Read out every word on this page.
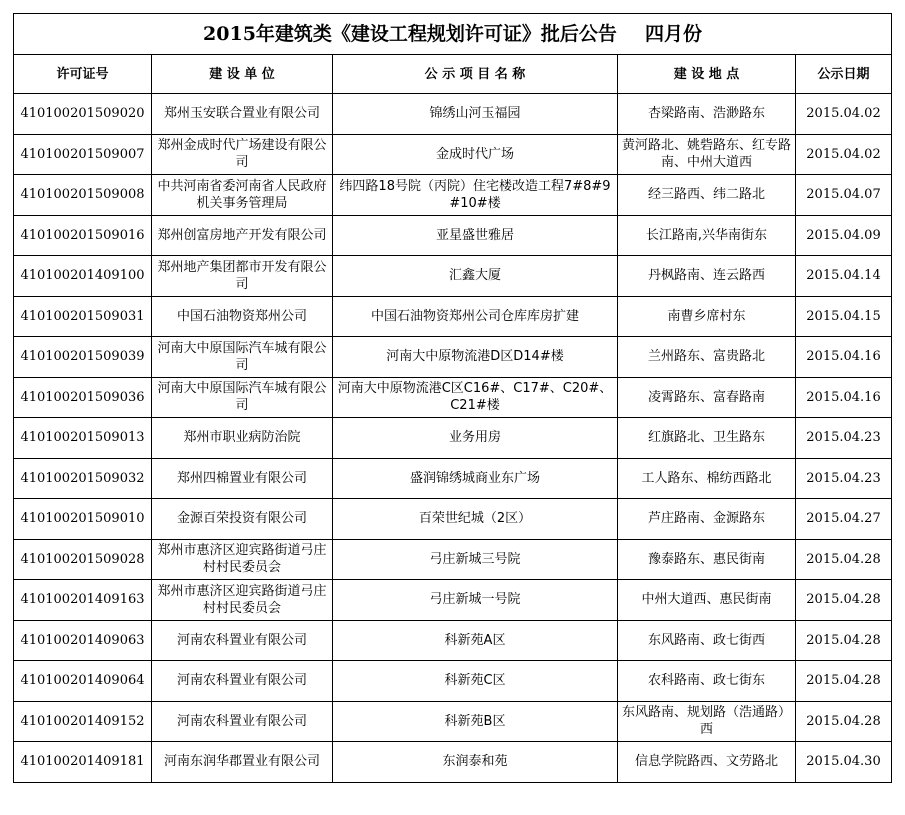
2015年建筑类《建设工程规划许可证》批后公告 四月份				
许可证号	建 设 单 位	公 示 项 目 名 称	建 设 地 点	公示日期
410100201509020	郑州玉安联合置业有限公司	锦绣山河玉福园	杏梁路南、浩渺路东	2015.04.02
410100201509007	郑州金成时代广场建设有限公司	金成时代广场	黄河路北、姚砦路东、红专路南、中州大道西	2015.04.02
410100201509008	中共河南省委河南省人民政府机关事务管理局	纬四路18号院（丙院）住宅楼改造工程7#8#9#10#楼	经三路西、纬二路北	2015.04.07
410100201509016	郑州创富房地产开发有限公司	亚星盛世雅居	长江路南,兴华南街东	2015.04.09
410100201409100	郑州地产集团都市开发有限公司	汇鑫大厦	丹枫路南、连云路西	2015.04.14
410100201509031	中国石油物资郑州公司	中国石油物资郑州公司仓库库房扩建	南曹乡席村东	2015.04.15
410100201509039	河南大中原国际汽车城有限公司	河南大中原物流港D区D14#楼	兰州路东、富贵路北	2015.04.16
410100201509036	河南大中原国际汽车城有限公司	河南大中原物流港C区C16#、C17#、C20#、C21#楼	凌霄路东、富春路南	2015.04.16
410100201509013	郑州市职业病防治院	业务用房	红旗路北、卫生路东	2015.04.23
410100201509032	郑州四棉置业有限公司	盛润锦绣城商业东广场	工人路东、棉纺西路北	2015.04.23
410100201509010	金源百荣投资有限公司	百荣世纪城（2区）	芦庄路南、金源路东	2015.04.27
410100201509028	郑州市惠济区迎宾路街道弓庄村村民委员会	弓庄新城三号院	豫泰路东、惠民街南	2015.04.28
410100201409163	郑州市惠济区迎宾路街道弓庄村村民委员会	弓庄新城一号院	中州大道西、惠民街南	2015.04.28
410100201409063	河南农科置业有限公司	科新苑A区	东风路南、政七街西	2015.04.28
410100201409064	河南农科置业有限公司	科新苑C区	农科路南、政七街东	2015.04.28
410100201409152	河南农科置业有限公司	科新苑B区	东风路南、规划路（浩通路）西	2015.04.28
410100201409181	河南东润华郡置业有限公司	东润泰和苑	信息学院路西、文劳路北	2015.04.30
